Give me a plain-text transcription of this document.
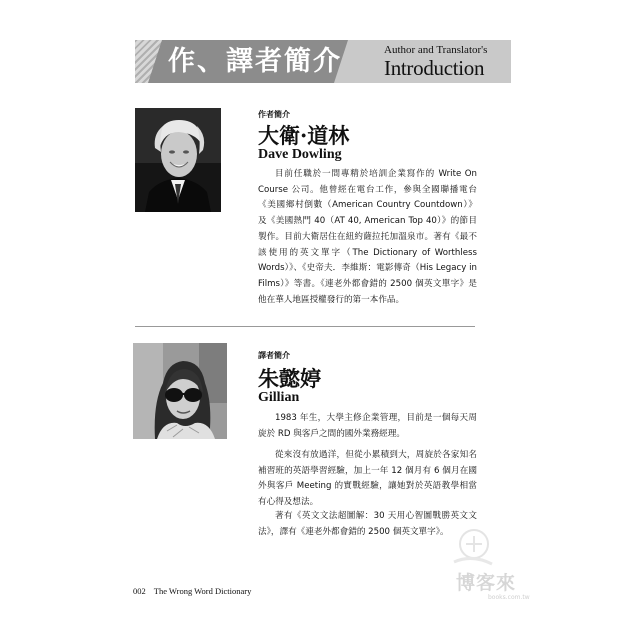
作、譯者簡介	Author and Translator's
Introduction
作者簡介
大衛·道林
Dave Dowling

目前任職於一間專精於培訓企業寫作的 Write On Course 公司。他曾經在電台工作，參與全國聯播電台《美國鄉村倒數（American Country Countdown）》及《美國熱門 40（AT 40, American Top 40）》的節目製作。目前大衛居住在紐約薩拉托加溫泉市。著有《最不該使用的英文單字（The Dictionary of Worthless Words）》、《史帝夫．李維斯：電影傳奇（His Legacy in Films）》等書。《連老外都會錯的 2500 個英文單字》是他在華人地區授權發行的第一本作品。

譯者簡介
朱懿婷
Gillian

1983 年生，大學主修企業管理，目前是一個每天周旋於 RD 與客戶之間的國外業務經理。

從來沒有放過洋，但從小累積到大，周旋於各家知名補習班的英語學習經驗，加上一年 12 個月有 6 個月在國外與客戶 Meeting 的實戰經驗，讓她對於英語教學相當有心得及想法。

著有《英文文法超圖解：30 天用心智圖戰勝英文文法》，譯有《連老外都會錯的 2500 個英文單字》。

002 The Wrong Word Dictionary	博客來
books.com.tw
